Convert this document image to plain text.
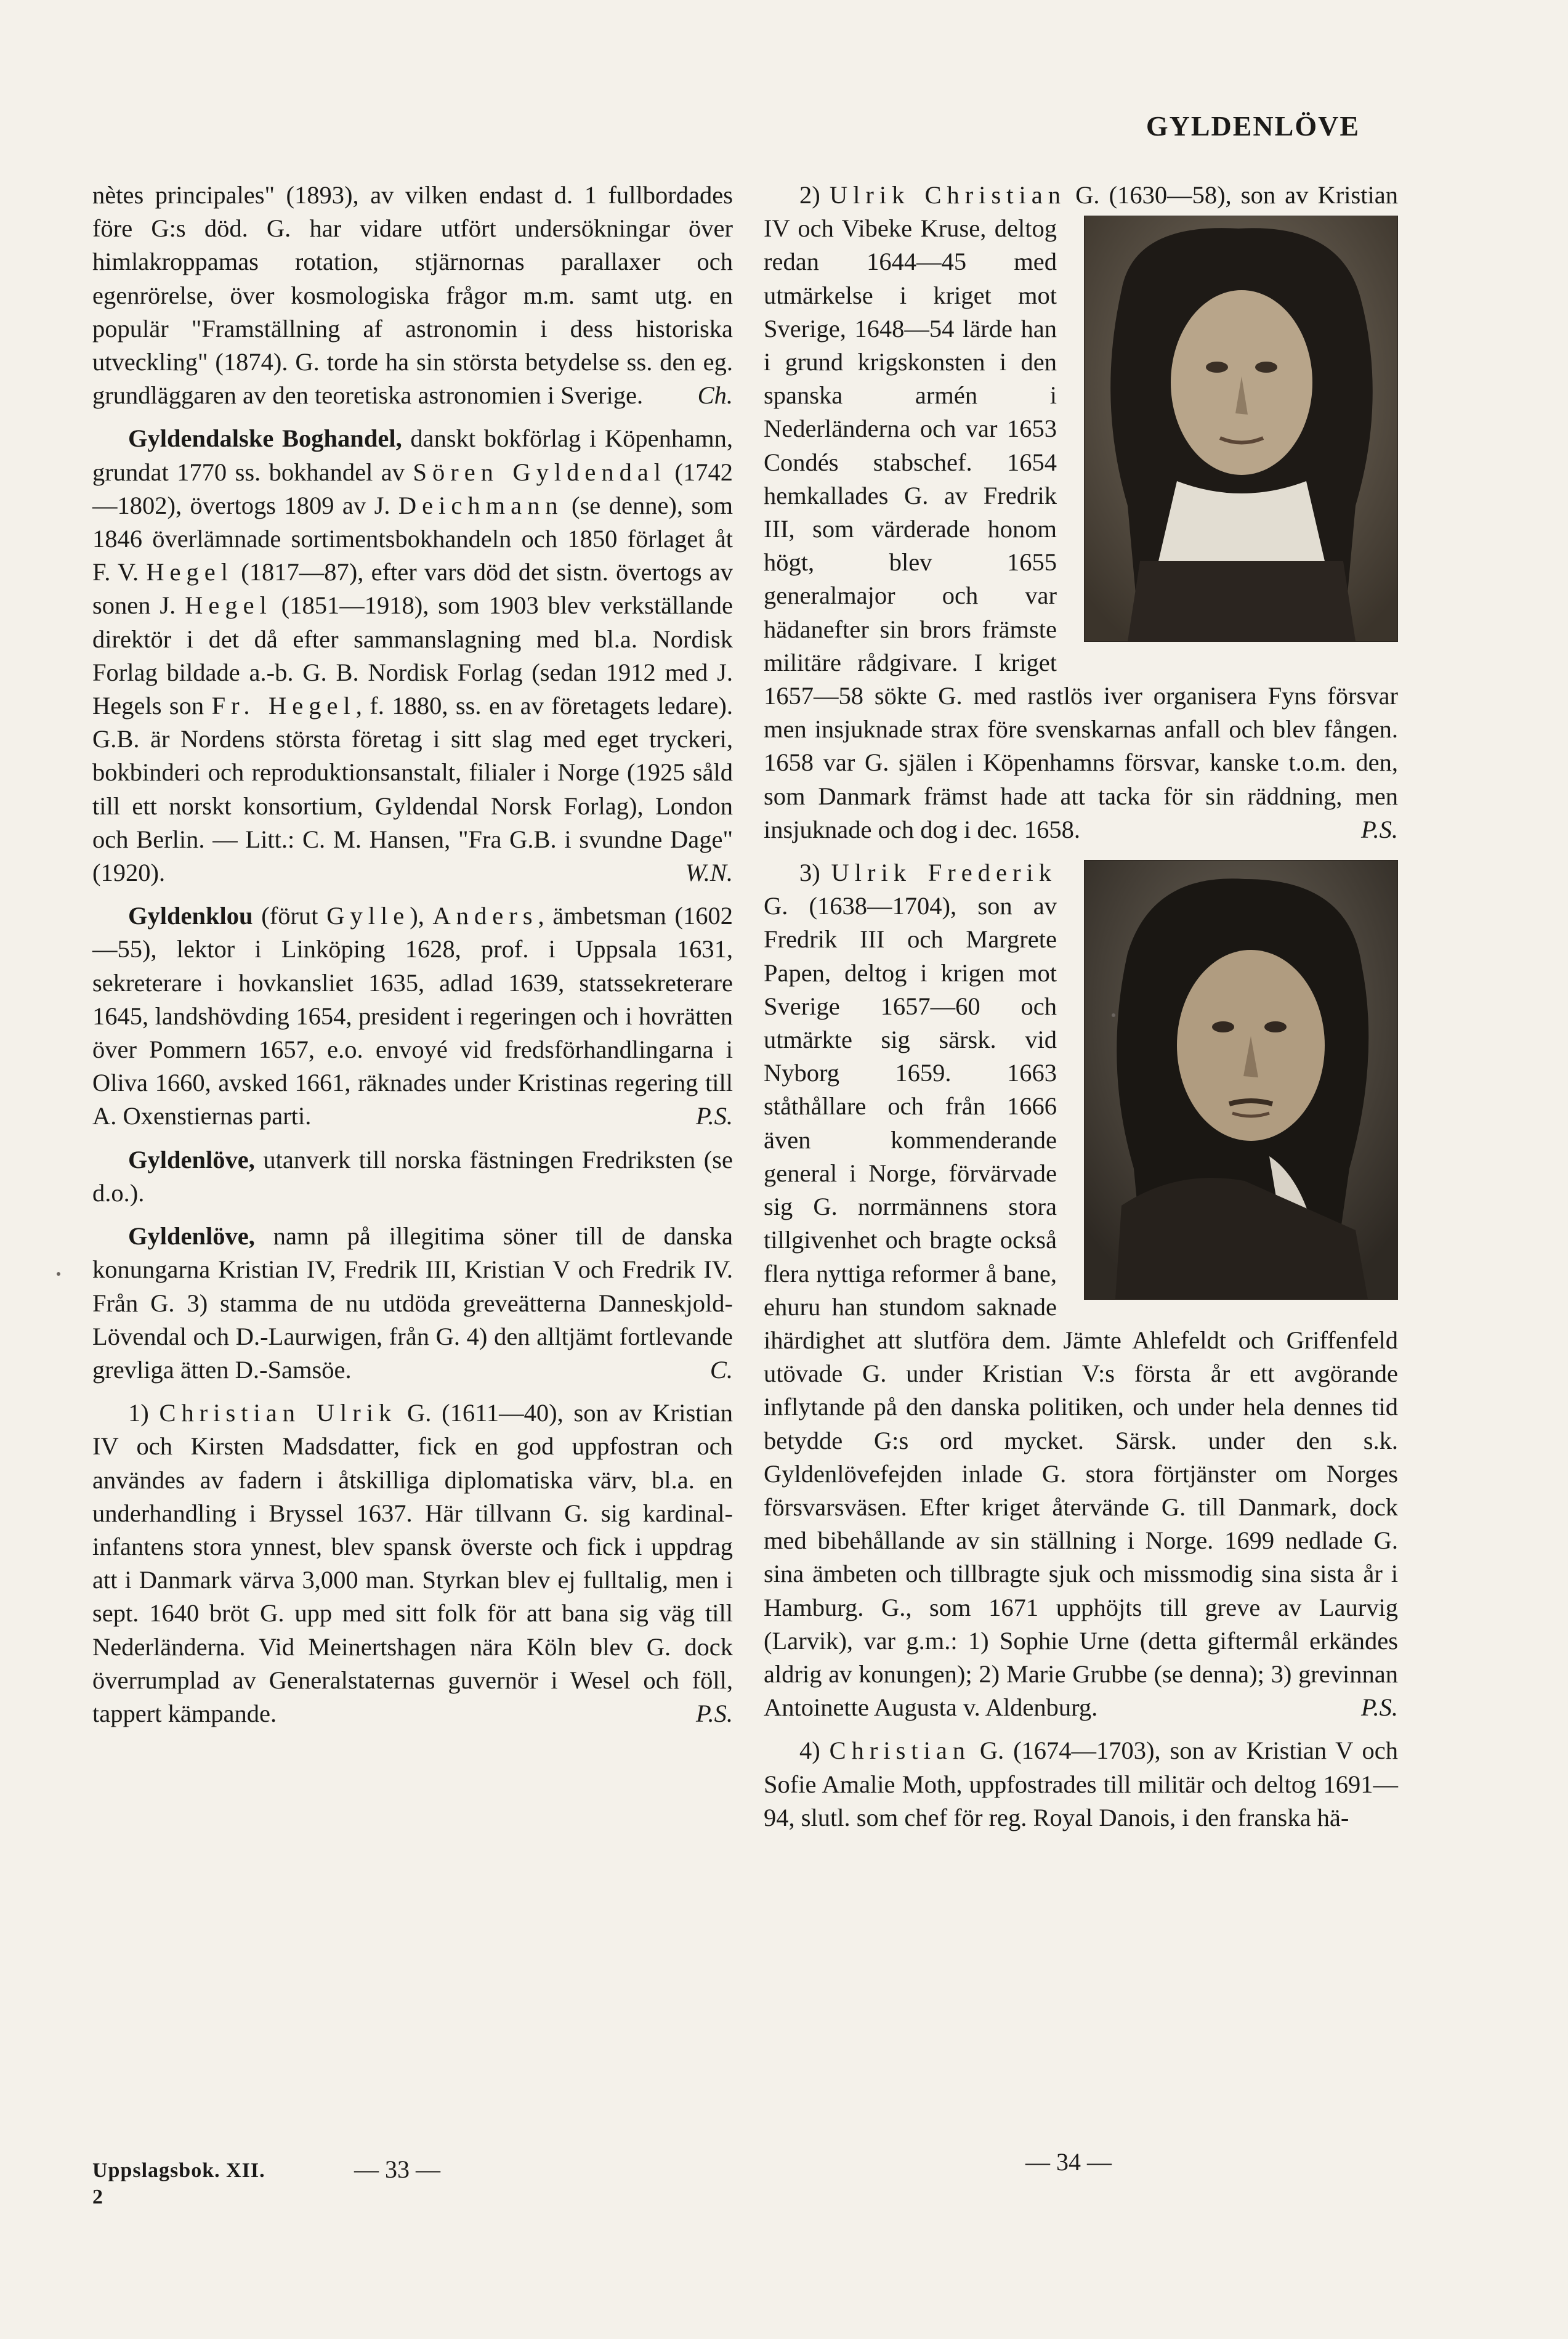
GYLDENLÖVE

nètes principales" (1893), av vilken endast d. 1 fullbordades före G:s död. G. har vidare utfört undersökningar över himlakroppamas rotation, stjärnornas parallaxer och egenrörelse, över kosmologiska frågor m.m. samt utg. en populär "Framställning af astronomin i dess historiska utveckling" (1874). G. torde ha sin största betydelse ss. den eg. grundläggaren av den teoretiska astronomien i Sverige. Ch.

Gyldendalske Boghandel, danskt bokförlag i Köpenhamn, grundat 1770 ss. bokhandel av Sören Gyldendal (1742—1802), övertogs 1809 av J. Deichmann (se denne), som 1846 överlämnade sortimentsbokhandeln och 1850 förlaget åt F. V. Hegel (1817—87), efter vars död det sistn. övertogs av sonen J. Hegel (1851—1918), som 1903 blev verkställande direktör i det då efter sammanslagning med bl.a. Nordisk Forlag bildade a.-b. G. B. Nordisk Forlag (sedan 1912 med J. Hegels son Fr. Hegel, f. 1880, ss. en av företagets ledare). G.B. är Nordens största företag i sitt slag med eget tryckeri, bokbinderi och reproduktionsanstalt, filialer i Norge (1925 såld till ett norskt konsortium, Gyldendal Norsk Forlag), London och Berlin. — Litt.: C. M. Hansen, "Fra G.B. i svundne Dage" (1920).	W.N.

Gyldenklou (förut Gylle), Anders, ämbetsman (1602—55), lektor i Linköping 1628, prof. i Uppsala 1631, sekreterare i hovkansliet 1635, adlad 1639, statssekreterare 1645, landshövding 1654, president i regeringen och i hovrätten över Pommern 1657, e.o. envoyé vid fredsförhandlingarna i Oliva 1660, avsked 1661, räknades under Kristinas regering till A. Oxenstiernas parti.	P.S.

Gyldenlöve, utanverk till norska fästningen Fredriksten (se d.o.).

Gyldenlöve, namn på illegitima söner till de danska konungarna Kristian IV, Fredrik III, Kristian V och Fredrik IV. Från G. 3) stamma de nu utdöda greveätterna Danneskjold-Lövendal och D.-Laurwigen, från G. 4) den alltjämt fortlevande grevliga ätten D.-Samsöe.	C.

1) Christian Ulrik G. (1611—40), son av Kristian IV och Kirsten Madsdatter, fick en god uppfostran och användes av fadern i åtskilliga diplomatiska värv, bl.a. en underhandling i Bryssel 1637. Här tillvann G. sig kardinal-infantens stora ynnest, blev spansk överste och fick i uppdrag att i Danmark värva 3,000 man. Styrkan blev ej fulltalig, men i sept. 1640 bröt G. upp med sitt folk för att bana sig väg till Nederländerna. Vid Meinertshagen nära Köln blev G. dock överrumplad av Generalstaternas guvernör i Wesel och föll, tappert kämpande.	P.S.

2) Ulrik Christian
G. (1630—58), son av Kristian IV och Vibeke Kruse, deltog redan 1644—45 med utmärkelse i kriget mot Sverige, 1648—54 lärde han i grund krigskonsten i den spanska armén i Nederländerna och var 1653 Condés stabschef. 1654 hemkallades G. av Fredrik III, som värderade honom högt, blev 1655 generalmajor och var hädanefter sin brors främste militäre rådgivare. I kriget 1657—58 sökte G. med rastlös iver organisera Fyns försvar men insjuknade strax före svenskarnas anfall och blev fången. 1658 var G. själen i Köpenhamns försvar, kanske t.o.m. den, som Danmark främst hade att tacka för sin räddning, men insjuknade och dog i dec. 1658.	P.S.

3) Ulrik Frederik
G. (1638—1704), son av Fredrik III och Margrete Papen, deltog i krigen mot Sverige 1657—60 och utmärkte sig särsk. vid Nyborg 1659. 1663 ståthållare och från 1666 även kommenderande general i Norge, förvärvade sig G. norrmännens stora tillgivenhet och bragte också flera nyttiga reformer å bane, ehuru han stundom saknade ihärdighet att slutföra dem. Jämte Ahlefeldt och Griffenfeld utövade G. under Kristian V:s första år ett avgörande inflytande på den danska politiken, och under hela dennes tid betydde G:s ord mycket. Särsk. under den s.k. Gyldenlövefejden inlade G. stora förtjänster om Norges försvarsväsen. Efter kriget återvände G. till Danmark, dock med bibehållande av sin ställning i Norge. 1699 nedlade G. sina ämbeten och tillbragte sjuk och missmodig sina sista år i Hamburg. G., som 1671 upphöjts till greve av Laurvig (Larvik), var g.m.: 1) Sophie Urne (detta giftermål erkändes aldrig av konungen); 2) Marie Grubbe (se denna); 3) grevinnan Antoinette Augusta v. Aldenburg.	P.S.

4) Christian G. (1674—1703), son av Kristian V och Sofie Amalie Moth, uppfostrades till militär och deltog 1691—94, slutl. som chef för reg. Royal Danois, i den franska hä-

Uppslagsbok. XII.
2
— 33 —	— 34 —
